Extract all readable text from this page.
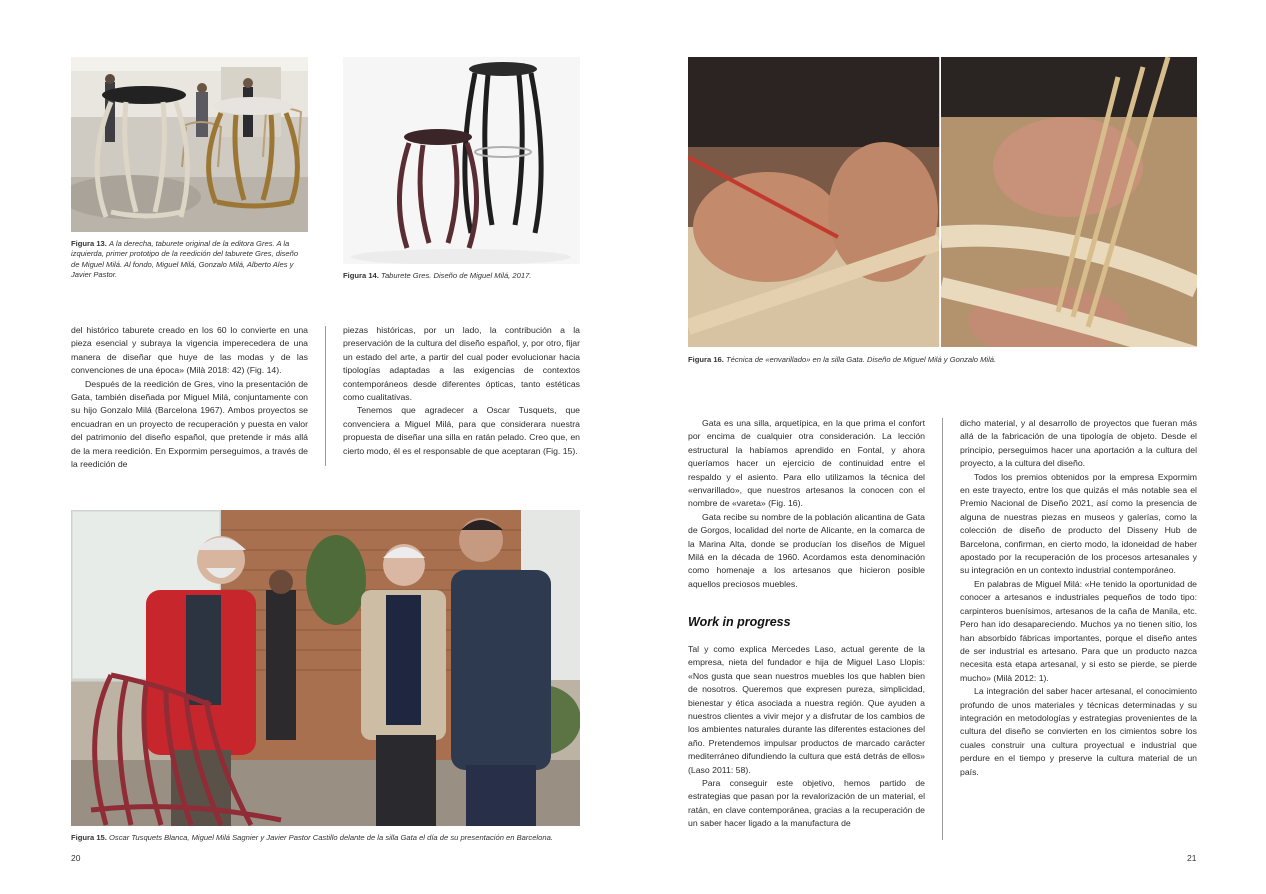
Figura 13. A la derecha, taburete original de la editora Gres. A la izquierda, primer prototipo de la reedición del taburete Gres, diseño de Miguel Milá. Al fondo, Miguel Milá, Gonzalo Milá, Alberto Ales y Javier Pastor.	Figura 14. Taburete Gres. Diseño de Miguel Milá, 2017.

del histórico taburete creado en los 60 lo convierte en una pieza esencial y subraya la vigencia imperecedera de una manera de diseñar que huye de las modas y de las convenciones de una época» (Milà 2018: 42) (Fig. 14).

Después de la reedición de Gres, vino la presentación de Gata, también diseñada por Miguel Milá, conjuntamente con su hijo Gonzalo Milá (Barcelona 1967). Ambos proyectos se encuadran en un proyecto de recuperación y puesta en valor del patrimonio del diseño español, que pretende ir más allá de la mera reedición. En Expormim perseguimos, a través de la reedición de

piezas históricas, por un lado, la contribución a la preservación de la cultura del diseño español, y, por otro, fijar un estado del arte, a partir del cual poder evolucionar hacia tipologías adaptadas a las exigencias de contextos contemporáneos desde diferentes ópticas, tanto estéticas como cualitativas.

Tenemos que agradecer a Oscar Tusquets, que convenciera a Miguel Milá, para que considerara nuestra propuesta de diseñar una silla en ratán pelado. Creo que, en cierto modo, él es el responsable de que aceptaran (Fig. 15).

Figura 15. Oscar Tusquets Blanca, Miguel Milá Sagnier y Javier Pastor Castillo delante de la silla Gata el día de su presentación en Barcelona.
20
Figura 16. Técnica de «envarillado» en la silla Gata. Diseño de Miguel Milá y Gonzalo Milá.

Gata es una silla, arquetípica, en la que prima el confort por encima de cualquier otra consideración. La lección estructural la habíamos aprendido en Fontal, y ahora queríamos hacer un ejercicio de continuidad entre el respaldo y el asiento. Para ello utilizamos la técnica del «envarillado», que nuestros artesanos la conocen con el nombre de «vareta» (Fig. 16).

Gata recibe su nombre de la población alicantina de Gata de Gorgos, localidad del norte de Alicante, en la comarca de la Marina Alta, donde se producían los diseños de Miguel Milá en la década de 1960. Acordamos esta denominación como homenaje a los artesanos que hicieron posible aquellos preciosos muebles.

Work in progress

Tal y como explica Mercedes Laso, actual gerente de la empresa, nieta del fundador e hija de Miguel Laso Llopis: «Nos gusta que sean nuestros muebles los que hablen bien de nosotros. Queremos que expresen pureza, simplicidad, bienestar y ética asociada a nuestra región. Que ayuden a nuestros clientes a vivir mejor y a disfrutar de los cambios de los ambientes naturales durante las diferentes estaciones del año. Pretendemos impulsar productos de marcado carácter mediterráneo difundiendo la cultura que está detrás de ellos» (Laso 2011: 58).

Para conseguir este objetivo, hemos partido de estrategias que pasan por la revalorización de un material, el ratán, en clave contemporánea, gracias a la recuperación de un saber hacer ligado a la manufactura de

dicho material, y al desarrollo de proyectos que fueran más allá de la fabricación de una tipología de objeto. Desde el principio, perseguimos hacer una aportación a la cultura del proyecto, a la cultura del diseño.

Todos los premios obtenidos por la empresa Expormim en este trayecto, entre los que quizás el más notable sea el Premio Nacional de Diseño 2021, así como la presencia de alguna de nuestras piezas en museos y galerías, como la colección de diseño de producto del Disseny Hub de Barcelona, confirman, en cierto modo, la idoneidad de haber apostado por la recuperación de los procesos artesanales y su integración en un contexto industrial contemporáneo.

En palabras de Miguel Milá: «He tenido la oportunidad de conocer a artesanos e industriales pequeños de todo tipo: carpinteros buenísimos, artesanos de la caña de Manila, etc. Pero han ido desapareciendo. Muchos ya no tienen sitio, los han absorbido fábricas importantes, porque el diseño antes de ser industrial es artesano. Para que un producto nazca necesita esta etapa artesanal, y si esto se pierde, se pierde mucho» (Milà 2012: 1).

La integración del saber hacer artesanal, el conocimiento profundo de unos materiales y técnicas determinadas y su integración en metodologías y estrategias provenientes de la cultura del diseño se convierten en los cimientos sobre los cuales construir una cultura proyectual e industrial que perdure en el tiempo y preserve la cultura material de un país.

21
